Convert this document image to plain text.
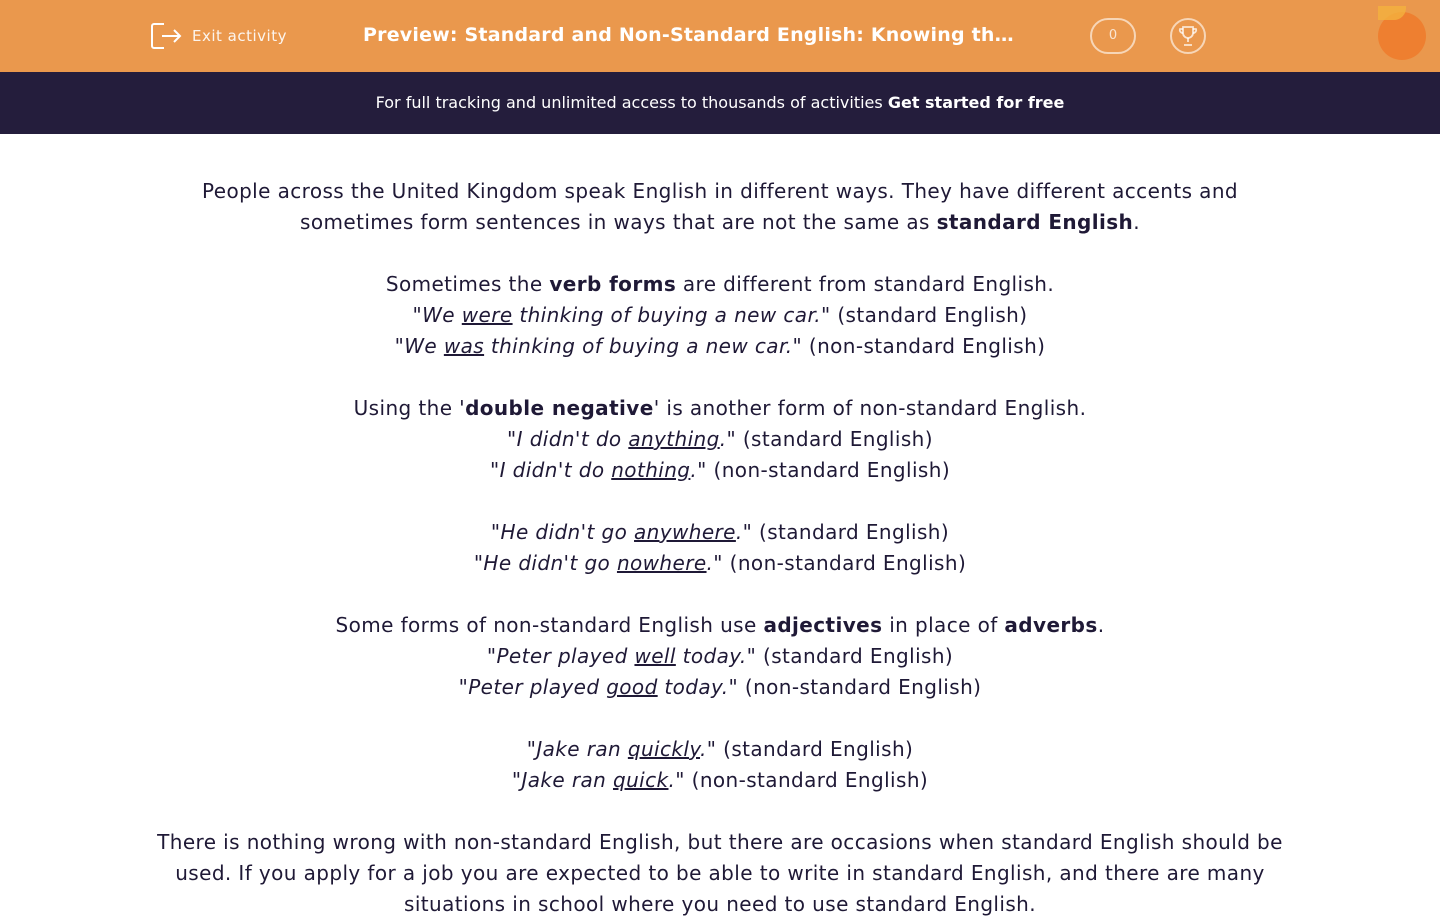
Exit activity	Preview: Standard and Non-Standard English: Knowing th…	0
For full tracking and unlimited access to thousands of activities Get started for free
People across the United Kingdom speak English in different ways. They have different accents and sometimes form sentences in ways that are not the same as standard English.
Sometimes the verb forms are different from standard English.
"We were thinking of buying a new car." (standard English)
"We was thinking of buying a new car." (non-standard English)
Using the 'double negative' is another form of non-standard English.
"I didn't do anything." (standard English)
"I didn't do nothing." (non-standard English)
"He didn't go anywhere." (standard English)
"He didn't go nowhere." (non-standard English)
Some forms of non-standard English use adjectives in place of adverbs.
"Peter played well today." (standard English)
"Peter played good today." (non-standard English)
"Jake ran quickly." (standard English)
"Jake ran quick." (non-standard English)
There is nothing wrong with non-standard English, but there are occasions when standard English should be used. If you apply for a job you are expected to be able to write in standard English, and there are many situations in school where you need to use standard English.
